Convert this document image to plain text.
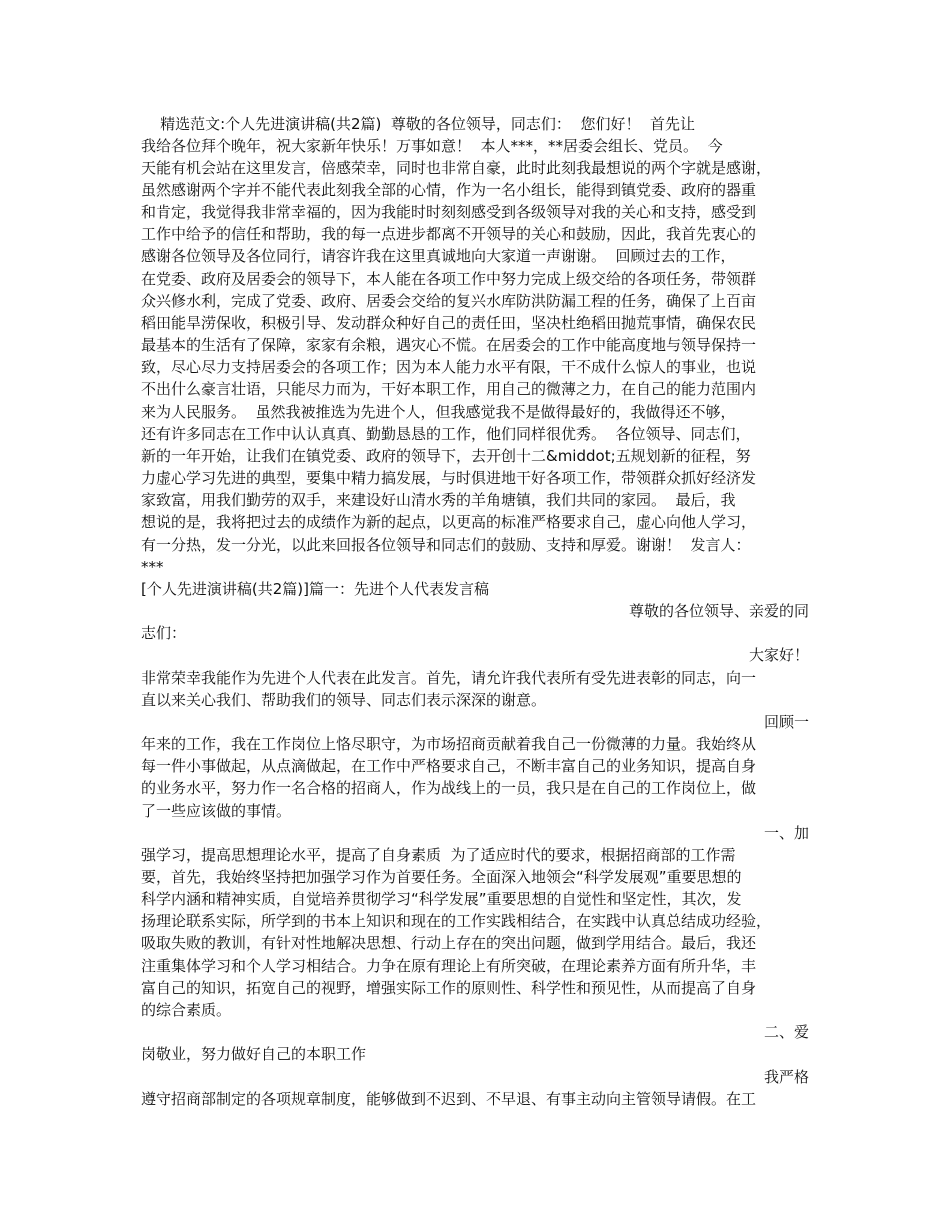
精选范文:个人先进演讲稿(共2篇)  尊敬的各位领导，同志们：  您们好！  首先让
我给各位拜个晚年，祝大家新年快乐！万事如意！  本人***，**居委会组长、党员。  今
天能有机会站在这里发言，倍感荣幸，同时也非常自豪，此时此刻我最想说的两个字就是感谢，
虽然感谢两个字并不能代表此刻我全部的心情，作为一名小组长，能得到镇党委、政府的器重
和肯定，我觉得我非常幸福的，因为我能时时刻刻感受到各级领导对我的关心和支持，感受到
工作中给予的信任和帮助，我的每一点进步都离不开领导的关心和鼓励，因此，我首先衷心的
感谢各位领导及各位同行，请容许我在这里真诚地向大家道一声谢谢。  回顾过去的工作，
在党委、政府及居委会的领导下，本人能在各项工作中努力完成上级交给的各项任务，带领群
众兴修水利，完成了党委、政府、居委会交给的复兴水库防洪防漏工程的任务，确保了上百亩
稻田能旱涝保收，积极引导、发动群众种好自己的责任田，坚决杜绝稻田抛荒事情，确保农民
最基本的生活有了保障，家家有余粮，遇灾心不慌。在居委会的工作中能高度地与领导保持一
致，尽心尽力支持居委会的各项工作；因为本人能力水平有限，干不成什么惊人的事业，也说
不出什么豪言壮语，只能尽力而为，干好本职工作，用自己的微薄之力，在自己的能力范围内
来为人民服务。  虽然我被推选为先进个人，但我感觉我不是做得最好的，我做得还不够，
还有许多同志在工作中认认真真、勤勤恳恳的工作，他们同样很优秀。  各位领导、同志们，
新的一年开始，让我们在镇党委、政府的领导下，去开创十二&middot;五规划新的征程，努
力虚心学习先进的典型，要集中精力搞发展，与时俱进地干好各项工作，带领群众抓好经济发
家致富，用我们勤劳的双手，来建设好山清水秀的羊角塘镇，我们共同的家园。  最后，我
想说的是，我将把过去的成绩作为新的起点，以更高的标准严格要求自己，虚心向他人学习，
有一分热，发一分光，以此来回报各位领导和同志们的鼓励、支持和厚爱。谢谢！  发言人：
***
[个人先进演讲稿(共2篇)]篇一：先进个人代表发言稿
尊敬的各位领导、亲爱的同
志们：
大家好！
非常荣幸我能作为先进个人代表在此发言。首先，请允许我代表所有受先进表彰的同志，向一
直以来关心我们、帮助我们的领导、同志们表示深深的谢意。
回顾一
年来的工作，我在工作岗位上恪尽职守，为市场招商贡献着我自己一份微薄的力量。我始终从
每一件小事做起，从点滴做起，在工作中严格要求自己，不断丰富自己的业务知识，提高自身
的业务水平，努力作一名合格的招商人，作为战线上的一员，我只是在自己的工作岗位上，做
了一些应该做的事情。
一、加
强学习，提高思想理论水平，提高了自身素质  为了适应时代的要求，根据招商部的工作需
要，首先，我始终坚持把加强学习作为首要任务。全面深入地领会“科学发展观”重要思想的
科学内涵和精神实质，自觉培养贯彻学习“科学发展”重要思想的自觉性和坚定性，其次，发
扬理论联系实际，所学到的书本上知识和现在的工作实践相结合，在实践中认真总结成功经验，
吸取失败的教训，有针对性地解决思想、行动上存在的突出问题，做到学用结合。最后，我还
注重集体学习和个人学习相结合。力争在原有理论上有所突破，在理论素养方面有所升华，丰
富自己的知识，拓宽自己的视野，增强实际工作的原则性、科学性和预见性，从而提高了自身
的综合素质。
二、爱
岗敬业，努力做好自己的本职工作
我严格
遵守招商部制定的各项规章制度，能够做到不迟到、不早退、有事主动向主管领导请假。在工
